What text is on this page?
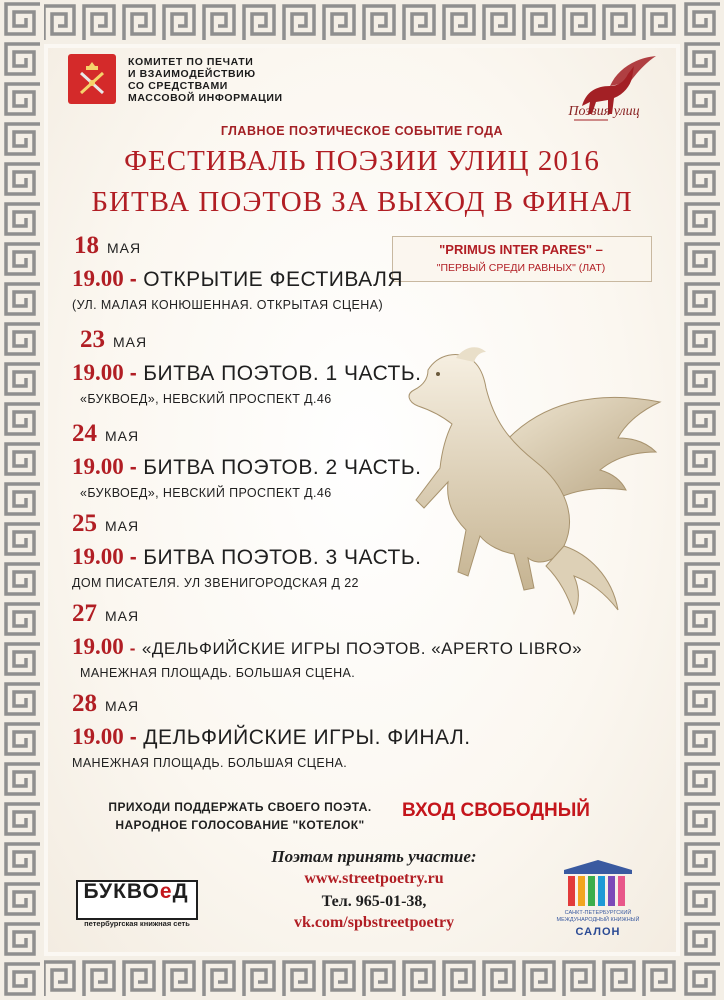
КОМИТЕТ ПО ПЕЧАТИ
И ВЗАИМОДЕЙСТВИЮ
СО СРЕДСТВАМИ
МАССОВОЙ ИНФОРМАЦИИ
Поэзия улиц
ГЛАВНОЕ ПОЭТИЧЕСКОЕ СОБЫТИЕ ГОДА
ФЕСТИВАЛЬ ПОЭЗИИ УЛИЦ 2016
БИТВА ПОЭТОВ ЗА ВЫХОД В ФИНАЛ
"PRIMUS INTER PARES" –
"ПЕРВЫЙ СРЕДИ РАВНЫХ" (ЛАТ)
18 МАЯ
19.00 - ОТКРЫТИЕ ФЕСТИВАЛЯ
(УЛ. МАЛАЯ КОНЮШЕННАЯ. ОТКРЫТАЯ СЦЕНА)
23 МАЯ
19.00 - БИТВА ПОЭТОВ. 1 ЧАСТЬ.
«БУКВОЕД», НЕВСКИЙ ПРОСПЕКТ Д.46
24 МАЯ
19.00 - БИТВА ПОЭТОВ. 2 ЧАСТЬ.
«БУКВОЕД», НЕВСКИЙ ПРОСПЕКТ Д.46
25 МАЯ
19.00 - БИТВА ПОЭТОВ. 3 ЧАСТЬ.
ДОМ ПИСАТЕЛЯ. УЛ ЗВЕНИГОРОДСКАЯ Д 22
27 МАЯ
19.00 - «ДЕЛЬФИЙСКИЕ ИГРЫ ПОЭТОВ. «APERTO LIBRO»
МАНЕЖНАЯ ПЛОЩАДЬ. БОЛЬШАЯ СЦЕНА.
28 МАЯ
19.00 - ДЕЛЬФИЙСКИЕ ИГРЫ. ФИНАЛ.
МАНЕЖНАЯ ПЛОЩАДЬ. БОЛЬШАЯ СЦЕНА.
ПРИХОДИ ПОДДЕРЖАТЬ СВОЕГО ПОЭТА.
НАРОДНОЕ ГОЛОСОВАНИЕ "КОТЕЛОК"
ВХОД СВОБОДНЫЙ
Поэтам принять участие:
www.streetpoetry.ru
Тел. 965-01-38,
vk.com/spbstreetpoetry
БУКВОеД
петербургская книжная сеть
САНКТ-ПЕТЕРБУРГСКИЙ МЕЖДУНАРОДНЫЙ КНИЖНЫЙ
САЛОН
